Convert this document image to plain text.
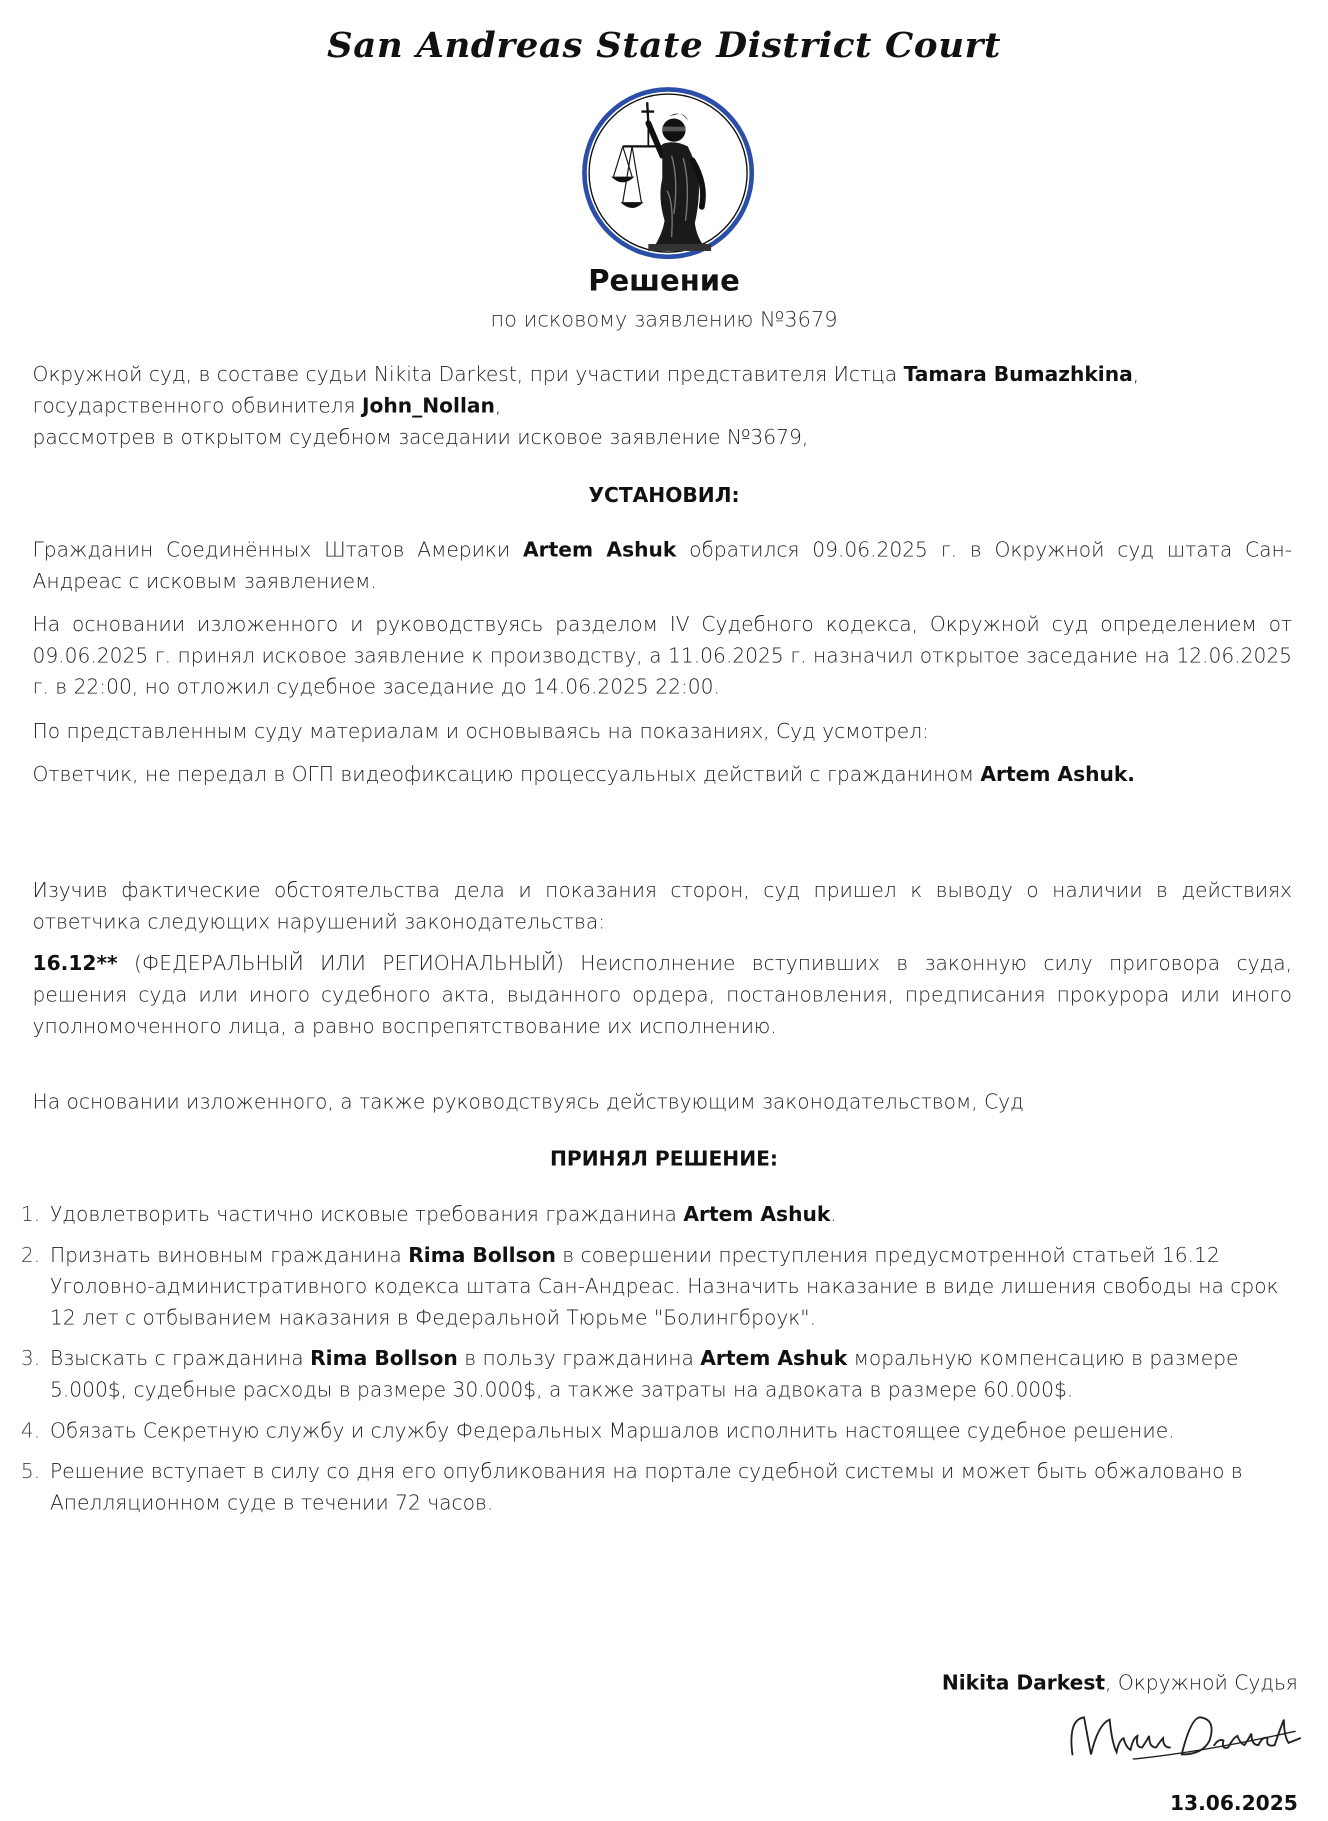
San Andreas State District Court
Решение
по исковому заявлению №3679
Окружной суд, в составе судьи Nikita Darkest, при участии представителя Истца Tamara Bumazhkina,
государственного обвинителя John_Nollan,
рассмотрев в открытом судебном заседании исковое заявление №3679,
УСТАНОВИЛ:
Гражданин Соединённых Штатов Америки Artem Ashuk обратился 09.06.2025 г. в Окружной суд штата Сан-Андреас с исковым заявлением.
На основании изложенного и руководствуясь разделом IV Судебного кодекса, Окружной суд определением от 09.06.2025 г. принял исковое заявление к производству, а 11.06.2025 г. назначил открытое заседание на 12.06.2025 г. в 22:00, но отложил судебное заседание до 14.06.2025 22:00.
По представленным суду материалам и основываясь на показаниях, Суд усмотрел:
Ответчик, не передал в ОГП видеофиксацию процессуальных действий с гражданином Artem Ashuk.
Изучив фактические обстоятельства дела и показания сторон, суд пришел к выводу о наличии в действиях ответчика следующих нарушений законодательства:
16.12** (ФЕДЕРАЛЬНЫЙ ИЛИ РЕГИОНАЛЬНЫЙ) Неисполнение вступивших в законную силу приговора суда, решения суда или иного судебного акта, выданного ордера, постановления, предписания прокурора или иного уполномоченного лица, а равно воспрепятствование их исполнению.
На основании изложенного, а также руководствуясь действующим законодательством, Суд
ПРИНЯЛ РЕШЕНИЕ:
1. Удовлетворить частично исковые требования гражданина Artem Ashuk.
2. Признать виновным гражданина Rima Bollson в совершении преступления предусмотренной статьей 16.12 Уголовно-административного кодекса штата Сан-Андреас. Назначить наказание в виде лишения свободы на срок 12 лет с отбыванием наказания в Федеральной Тюрьме "Болингброук".
3. Взыскать с гражданина Rima Bollson в пользу гражданина Artem Ashuk моральную компенсацию в размере 5.000$, судебные расходы в размере 30.000$, а также затраты на адвоката в размере 60.000$.
4. Обязать Секретную службу и службу Федеральных Маршалов исполнить настоящее судебное решение.
5. Решение вступает в силу со дня его опубликования на портале судебной системы и может быть обжаловано в Апелляционном суде в течении 72 часов.
Nikita Darkest, Окружной Судья
13.06.2025
